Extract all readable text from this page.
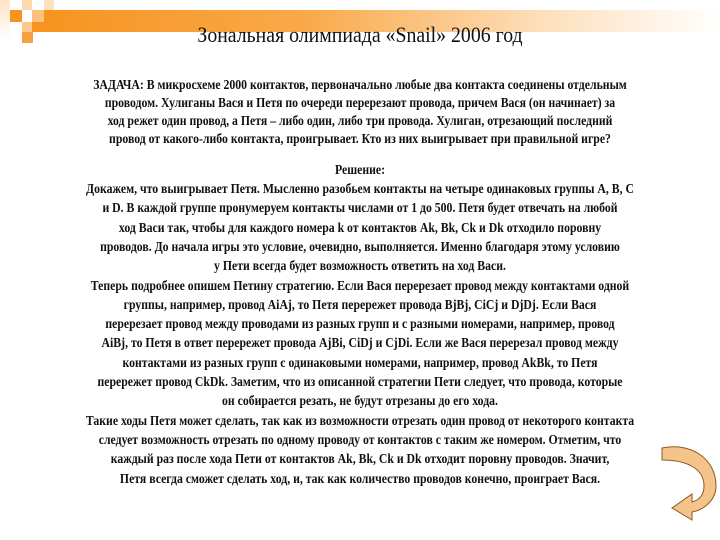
Зональная олимпиада «Snail» 2006 год
ЗАДАЧА: В микросхеме 2000 контактов, первоначально любые два контакта соединены отдельным
проводом. Хулиганы Вася и Петя по очереди перерезают провода, причем Вася (он начинает) за
ход режет один провод, а Петя – либо один, либо три провода. Хулиган, отрезающий последний
провод от какого-либо контакта, проигрывает. Кто из них выигрывает при правильной игре?
Решение:
Докажем, что выигрывает Петя. Мысленно разобьем контакты на четыре одинаковых группы A, B, C
и D. В каждой группе пронумеруем контакты числами от 1 до 500. Петя будет отвечать на любой
ход Васи так, чтобы для каждого номера k от контактов Ak, Bk, Ck и Dk отходило поровну
проводов. До начала игры это условие, очевидно, выполняется. Именно благодаря этому условию
у Пети всегда будет возможность ответить на ход Васи.
Теперь подробнее опишем Петину стратегию. Если Вася перерезает провод между контактами одной
группы, например, провод AiAj, то Петя перережет провода BjBj, CiCj и DjDj. Если Вася
перерезает провод между проводами из разных групп и с разными номерами, например, провод
AiBj, то Петя в ответ перережет провода AjBi, CiDj и CjDi. Если же Вася перерезал провод между
контактами из разных групп с одинаковыми номерами, например, провод AkBk, то Петя
перережет провод CkDk. Заметим, что из описанной стратегии Пети следует, что провода, которые
он собирается резать, не будут отрезаны до его хода.
Такие ходы Петя может сделать, так как из возможности отрезать один провод от некоторого контакта
следует возможность отрезать по одному проводу от контактов с таким же номером. Отметим, что
каждый раз после хода Пети от контактов Ak, Bk, Ck и Dk отходит поровну проводов. Значит,
Петя всегда сможет сделать ход, и, так как количество проводов конечно, проиграет Вася.
